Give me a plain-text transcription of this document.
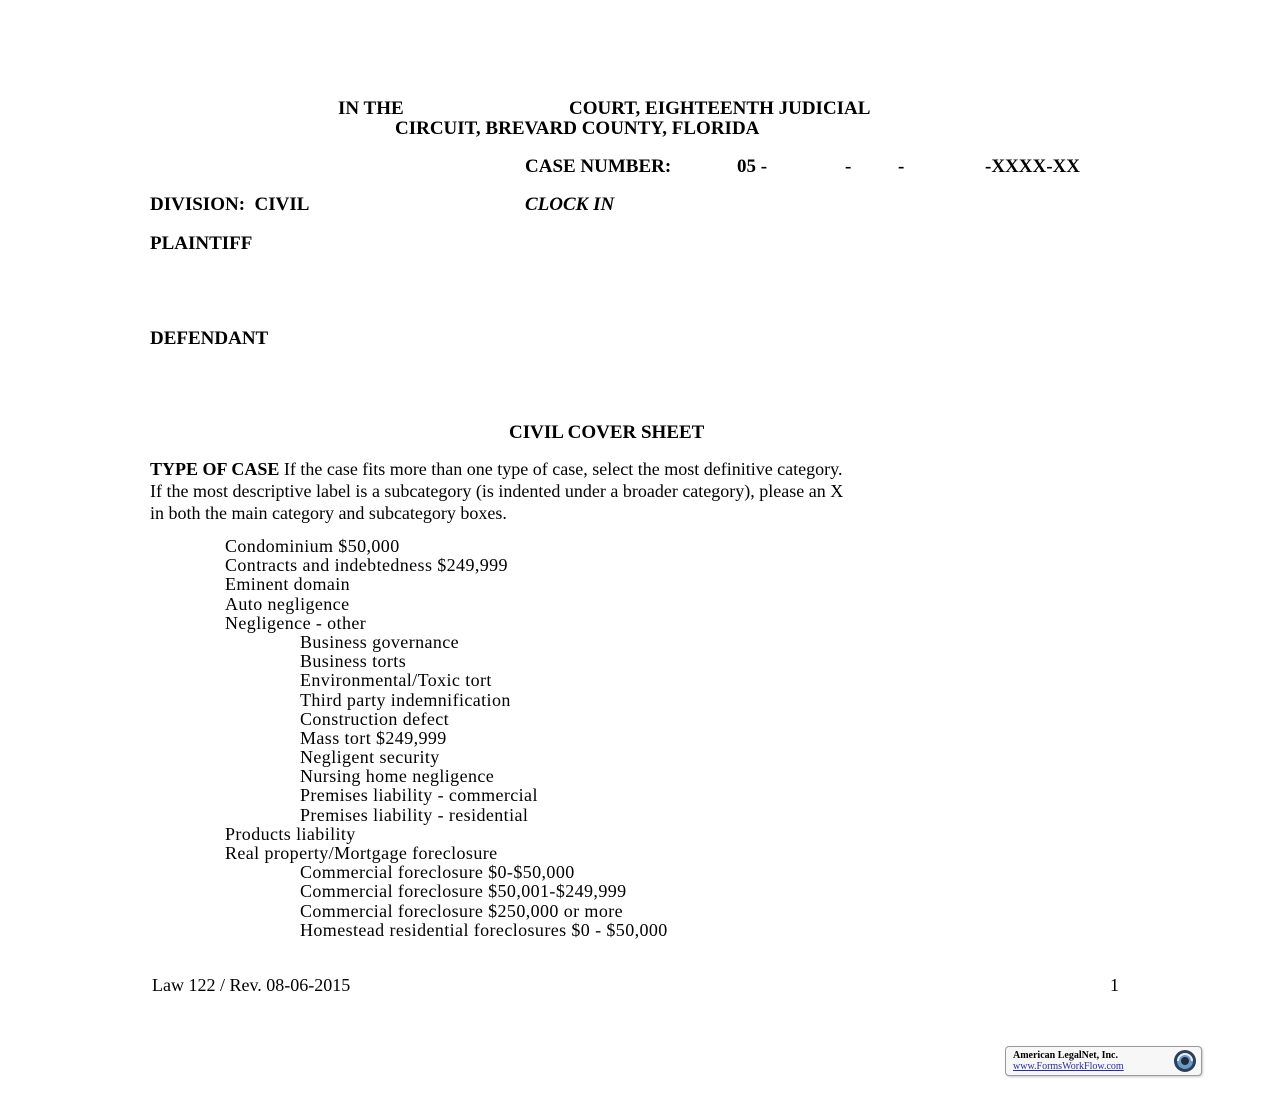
IN THE	COURT, EIGHTEENTH JUDICIAL
CIRCUIT, BREVARD COUNTY, FLORIDA
CASE NUMBER:	05 -	- -	-XXXX-XX
DIVISION:  CIVIL	CLOCK IN
PLAINTIFF
DEFENDANT
CIVIL COVER SHEET
TYPE OF CASE If the case fits more than one type of case, select the most definitive category.
If the most descriptive label is a subcategory (is indented under a broader category), please an X
in both the main category and subcategory boxes.
Condominium $50,000
Contracts and indebtedness $249,999
Eminent domain
Auto negligence
Negligence - other
Business governance
Business torts
Environmental/Toxic tort
Third party indemnification
Construction defect
Mass tort $249,999
Negligent security
Nursing home negligence
Premises liability - commercial
Premises liability - residential
Products liability
Real property/Mortgage foreclosure
Commercial foreclosure $0-$50,000
Commercial foreclosure $50,001-$249,999
Commercial foreclosure $250,000 or more
Homestead residential foreclosures $0 - $50,000
Law 122 / Rev. 08-06-2015	1
American LegalNet, Inc.
www.FormsWorkFlow.com
